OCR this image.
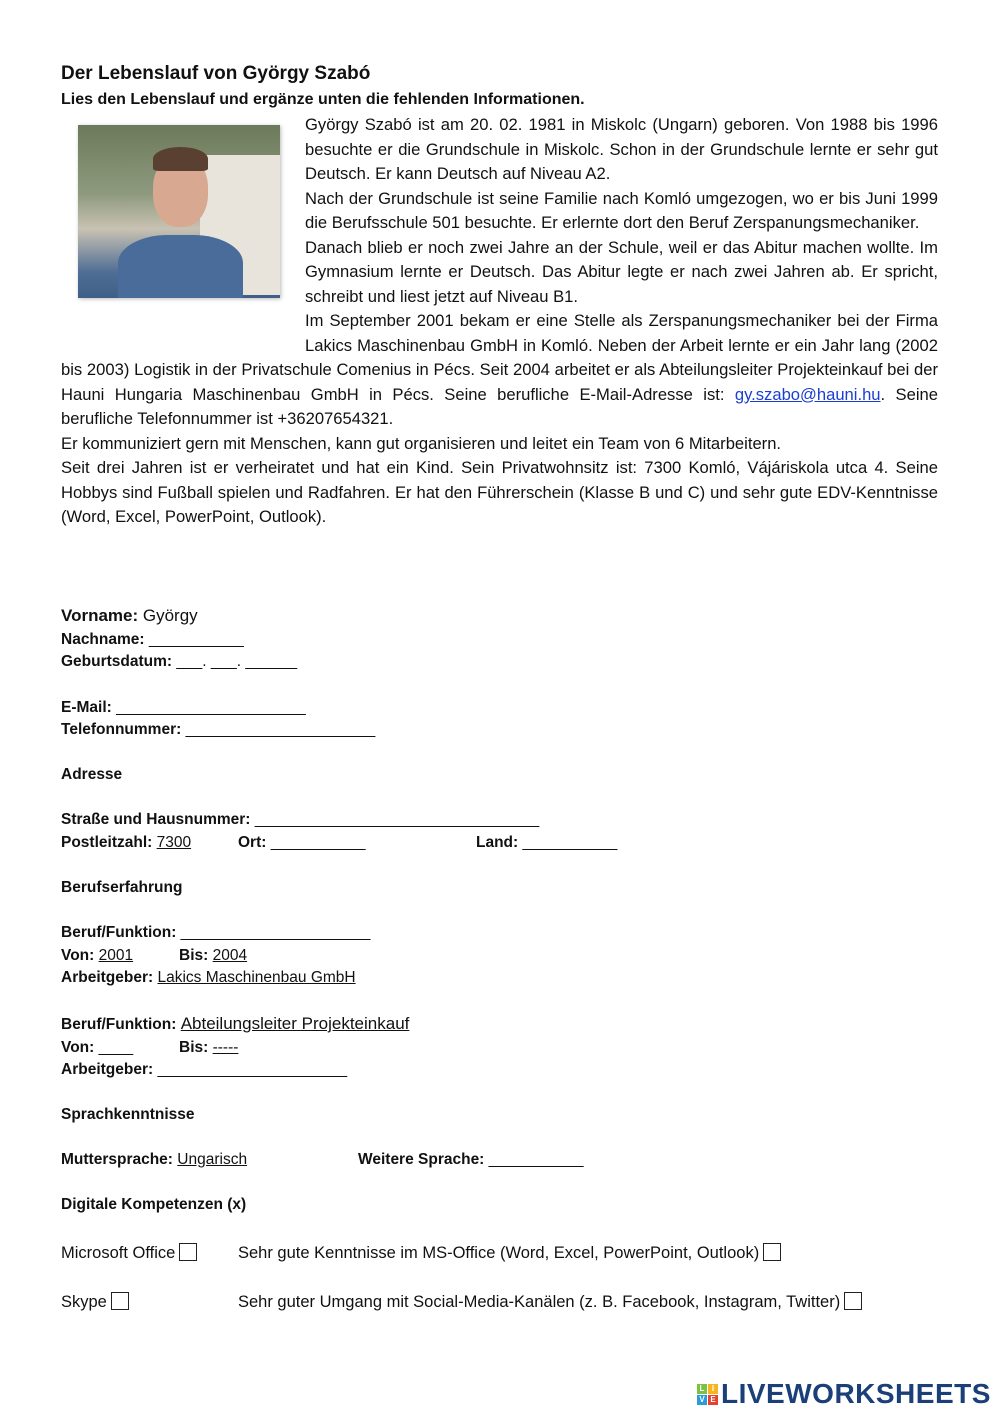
Der Lebenslauf von György Szabó
Lies den Lebenslauf und ergänze unten die fehlenden Informationen.

György Szabó ist am 20. 02. 1981 in Miskolc (Ungarn) geboren. Von 1988 bis 1996 besuchte er die Grundschule in Miskolc. Schon in der Grundschule lernte er sehr gut Deutsch. Er kann Deutsch auf Niveau A2.

Nach der Grundschule ist seine Familie nach Komló umgezogen, wo er bis Juni 1999 die Berufsschule 501 besuchte. Er erlernte dort den Beruf Zerspanungsmechaniker.

Danach blieb er noch zwei Jahre an der Schule, weil er das Abitur machen wollte. Im Gymnasium lernte er Deutsch. Das Abitur legte er nach zwei Jahren ab. Er spricht, schreibt und liest jetzt auf Niveau B1.

Im September 2001 bekam er eine Stelle als Zerspanungsmechaniker bei der Firma Lakics Maschinenbau GmbH in Komló. Neben der Arbeit lernte er ein Jahr lang (2002 bis 2003) Logistik in der Privatschule Comenius in Pécs. Seit 2004 arbeitet er als Abteilungsleiter Projekteinkauf bei der Hauni Hungaria Maschinenbau GmbH in Pécs. Seine berufliche E-Mail-Adresse ist: gy.szabo@hauni.hu. Seine berufliche Telefonnummer ist +36207654321.

Er kommuniziert gern mit Menschen, kann gut organisieren und leitet ein Team von 6 Mitarbeitern.

Seit drei Jahren ist er verheiratet und hat ein Kind. Sein Privatwohnsitz ist: 7300 Komló, Vájáriskola utca 4. Seine Hobbys sind Fußball spielen und Radfahren. Er hat den Führerschein (Klasse B und C) und sehr gute EDV-Kenntnisse (Word, Excel, PowerPoint, Outlook).

Vorname: György
Nachname: ___________
Geburtsdatum: ___. ___. ______
E-Mail: ______________________
Telefonnummer: ______________________
Adresse
Straße und Hausnummer: _________________________________
Postleitzahl: 7300	Ort: ___________	Land: ___________
Berufserfahrung
Beruf/Funktion: ______________________
Von: 2001	Bis: 2004
Arbeitgeber: Lakics Maschinenbau GmbH
Beruf/Funktion: Abteilungsleiter Projekteinkauf
Von: ____	Bis: -----
Arbeitgeber: ______________________
Sprachkenntnisse
Muttersprache: Ungarisch	Weitere Sprache: ___________
Digitale Kompetenzen (x)
Microsoft Office	Sehr gute Kenntnisse im MS-Office (Word, Excel, PowerPoint, Outlook)
Skype	Sehr guter Umgang mit Social-Media-Kanälen (z. B. Facebook, Instagram, Twitter)
L I
V E LIVEWORKSHEETS
